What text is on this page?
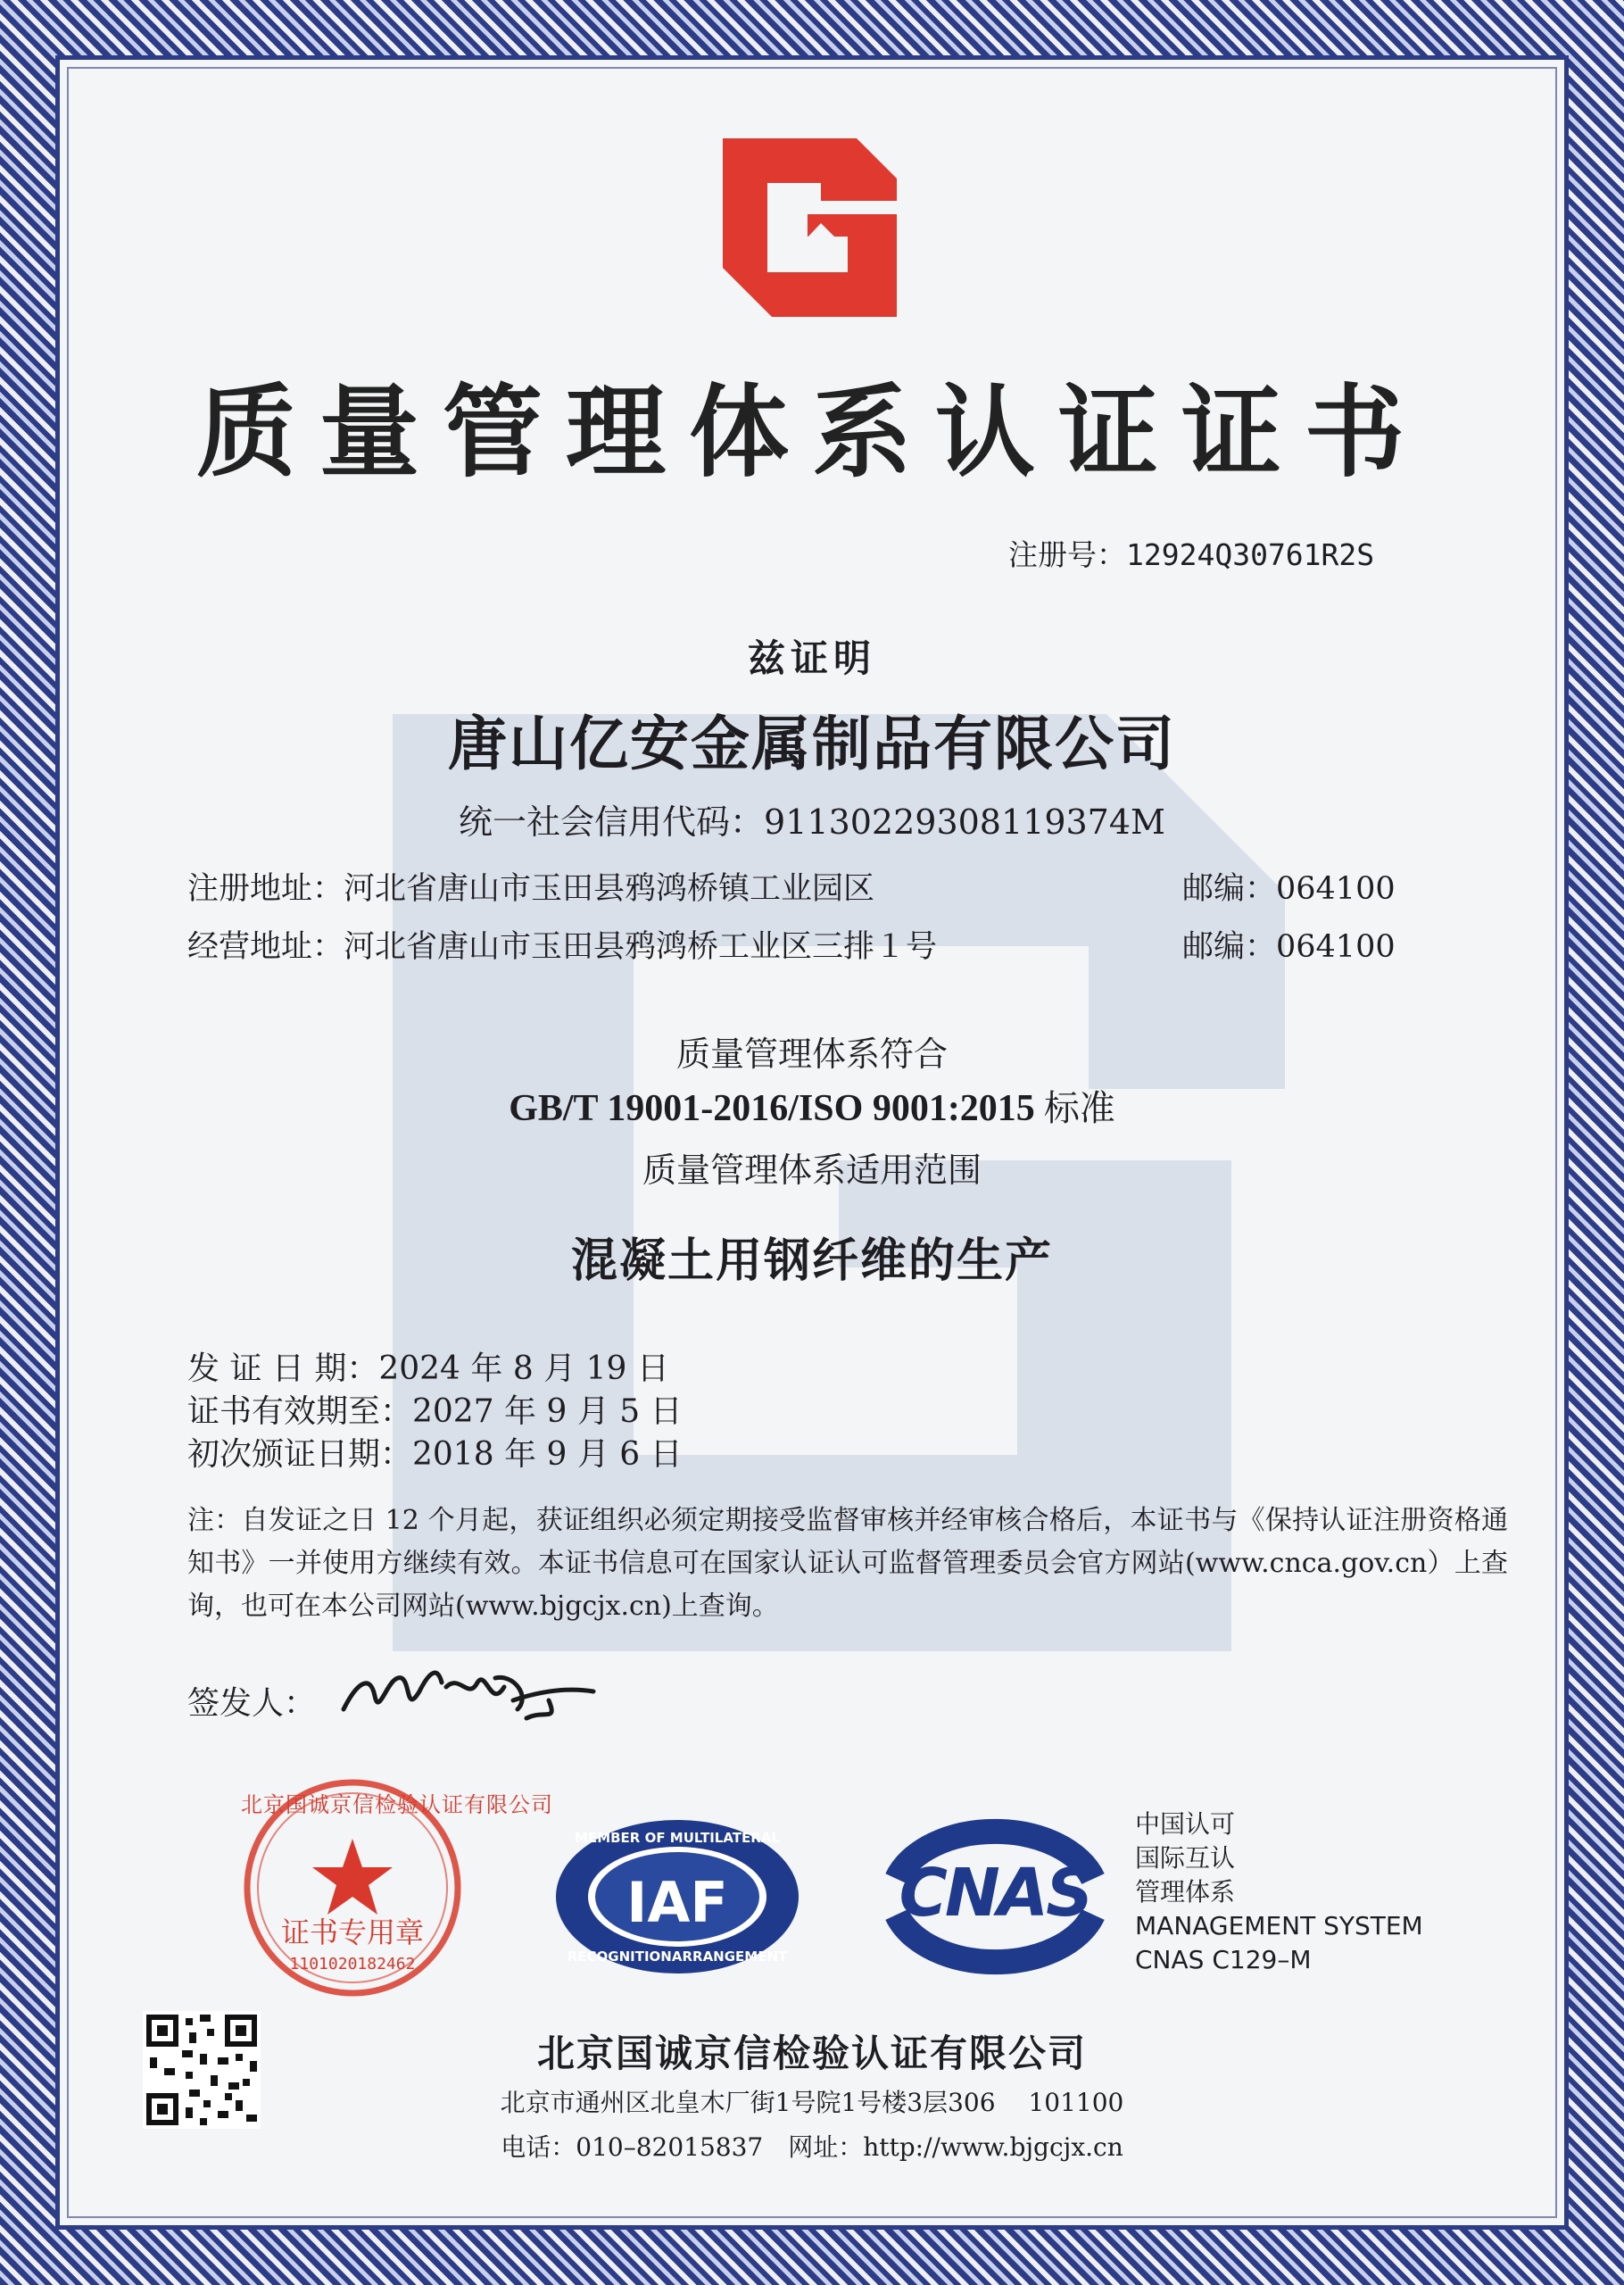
质量管理体系认证证书
注册号：12924Q30761R2S
兹证明
唐山亿安金属制品有限公司
统一社会信用代码：91130229308119374M
注册地址：河北省唐山市玉田县鸦鸿桥镇工业园区	邮编：064100
经营地址：河北省唐山市玉田县鸦鸿桥工业区三排１号	邮编：064100
质量管理体系符合
GB/T 19001-2016/ISO 9001:2015 标准
质量管理体系适用范围
混凝土用钢纤维的生产
发 证 日 期：2024 年 8 月 19 日
证书有效期至：2027 年 9 月 5 日
初次颁证日期：2018 年 9 月 6 日
注：自发证之日 12 个月起，获证组织必须定期接受监督审核并经审核合格后，本证书与《保持认证注册资格通知书》一并使用方继续有效。本证书信息可在国家认证认可监督管理委员会官方网站(www.cnca.gov.cn）上查询，也可在本公司网站(www.bjgcjx.cn)上查询。
签发人：
北京国诚京信检验认证有限公司
证书专用章
1101020182462
MEMBER OF MULTILATERAL
IAF
RECOGNITIONARRANGEMENT
CNAS
中国认可
国际互认
管理体系
MANAGEMENT SYSTEM
CNAS C129–M
北京国诚京信检验认证有限公司
北京市通州区北皇木厂街1号院1号楼3层306　 101100
电话：010–82015837　网址：http://www.bjgcjx.cn
